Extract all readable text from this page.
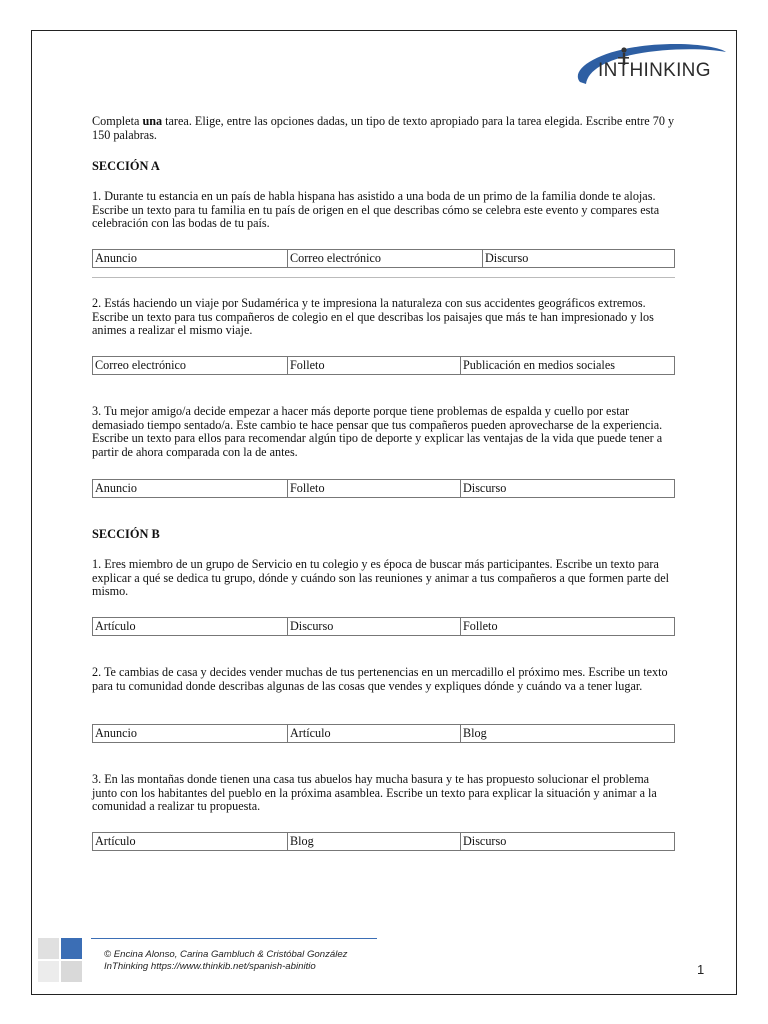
INTHINKING
Completa una tarea. Elige, entre las opciones dadas, un tipo de texto apropiado para la tarea elegida. Escribe entre 70 y 150 palabras.
SECCIÓN A
1. Durante tu estancia en un país de habla hispana has asistido a una boda de un primo de la familia donde te alojas. Escribe un texto para tu familia en tu país de origen en el que describas cómo se celebra este evento y compares esta celebración con las bodas de tu país.
Anuncio	Correo electrónico	Discurso
2. Estás haciendo un viaje por Sudamérica y te impresiona la naturaleza con sus accidentes geográficos extremos. Escribe un texto para tus compañeros de colegio en el que describas los paisajes que más te han impresionado y los animes a realizar el mismo viaje.
Correo electrónico	Folleto	Publicación en medios sociales
3. Tu mejor amigo/a decide empezar a hacer más deporte porque tiene problemas de espalda y cuello por estar demasiado tiempo sentado/a. Este cambio te hace pensar que tus compañeros pueden aprovecharse de la experiencia. Escribe un texto para ellos para recomendar algún tipo de deporte y explicar las ventajas de la vida que puede tener a partir de ahora comparada con la de antes.
Anuncio	Folleto	Discurso
SECCIÓN B
1. Eres miembro de un grupo de Servicio en tu colegio y es época de buscar más participantes. Escribe un texto para explicar a qué se dedica tu grupo, dónde y cuándo son las reuniones y animar a tus compañeros a que formen parte del mismo.
Artículo	Discurso	Folleto
2. Te cambias de casa y decides vender muchas de tus pertenencias en un mercadillo el próximo mes. Escribe un texto para tu comunidad donde describas algunas de las cosas que vendes y expliques dónde y cuándo va a tener lugar.
Anuncio	Artículo	Blog
3. En las montañas donde tienen una casa tus abuelos hay mucha basura y te has propuesto solucionar el problema junto con los habitantes del pueblo en la próxima asamblea. Escribe un texto para explicar la situación y animar a la comunidad a realizar tu propuesta.
Artículo	Blog	Discurso
© Encina Alonso, Carina Gambluch & Cristóbal González
InThinking https://www.thinkib.net/spanish-abinitio	1
